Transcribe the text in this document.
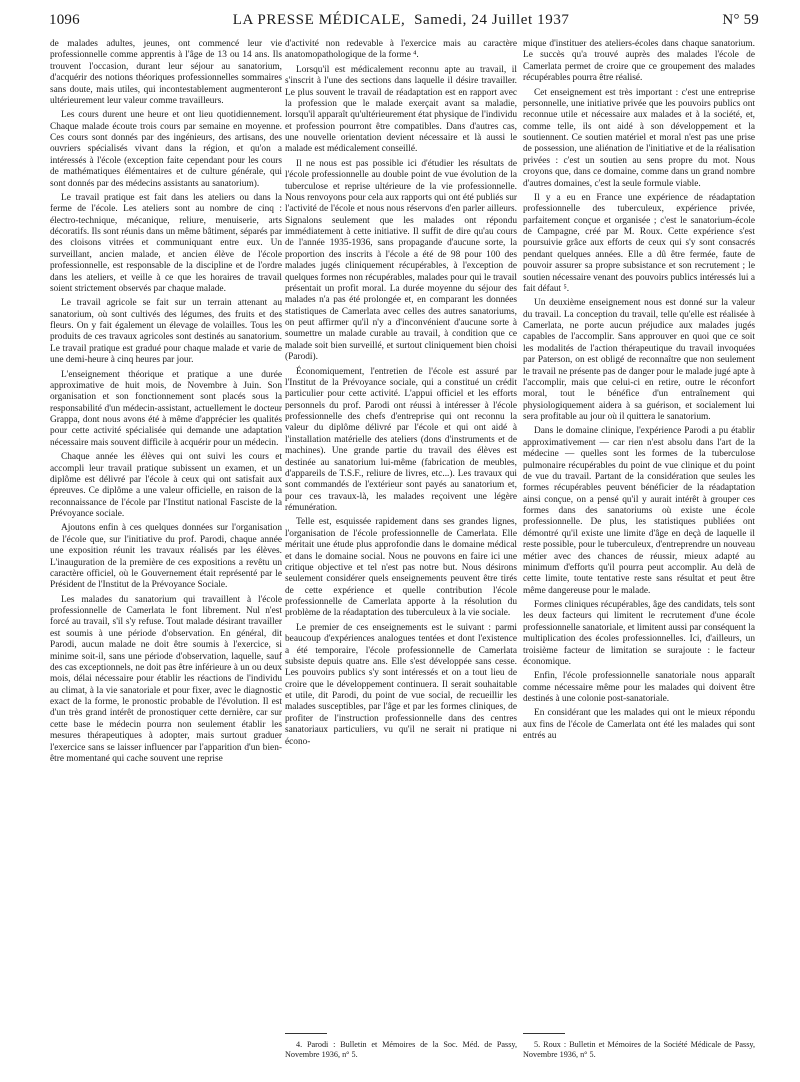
1096	LA PRESSE MÉDICALE, Samedi, 24 Juillet 1937	N° 59

de malades adultes, jeunes, ont commencé leur vie professionnelle comme apprentis à l'âge de 13 ou 14 ans. Ils trouvent l'occasion, durant leur séjour au sanatorium, d'acquérir des notions théoriques professionnelles sommaires sans doute, mais utiles, qui incontestablement augmenteront ultérieurement leur valeur comme travailleurs.

Les cours durent une heure et ont lieu quotidiennement. Chaque malade écoute trois cours par semaine en moyenne. Ces cours sont donnés par des ingénieurs, des artisans, des ouvriers spécialisés vivant dans la région, et qu'on a intéressés à l'école (exception faite cependant pour les cours de mathématiques élémentaires et de culture générale, qui sont donnés par des médecins assistants au sanatorium).

Le travail pratique est fait dans les ateliers ou dans la ferme de l'école. Les ateliers sont au nombre de cinq : électro-technique, mécanique, reliure, menuiserie, arts décoratifs. Ils sont réunis dans un même bâtiment, séparés par des cloisons vitrées et communiquant entre eux. Un surveillant, ancien malade, et ancien élève de l'école professionnelle, est responsable de la discipline et de l'ordre dans les ateliers, et veille à ce que les horaires de travail soient strictement observés par chaque malade.

Le travail agricole se fait sur un terrain attenant au sanatorium, où sont cultivés des légumes, des fruits et des fleurs. On y fait également un élevage de volailles. Tous les produits de ces travaux agricoles sont destinés au sanatorium. Le travail pratique est gradué pour chaque malade et varie de une demi-heure à cinq heures par jour.

L'enseignement théorique et pratique a une durée approximative de huit mois, de Novembre à Juin. Son organisation et son fonctionnement sont placés sous la responsabilité d'un médecin-assistant, actuellement le docteur Grappa, dont nous avons été à même d'apprécier les qualités pour cette activité spécialisée qui demande une adaptation nécessaire mais souvent difficile à acquérir pour un médecin.

Chaque année les élèves qui ont suivi les cours et accompli leur travail pratique subissent un examen, et un diplôme est délivré par l'école à ceux qui ont satisfait aux épreuves. Ce diplôme a une valeur officielle, en raison de la reconnaissance de l'école par l'Institut national Fasciste de la Prévoyance sociale.

Ajoutons enfin à ces quelques données sur l'organisation de l'école que, sur l'initiative du prof. Parodi, chaque année une exposition réunit les travaux réalisés par les élèves. L'inauguration de la première de ces expositions a revêtu un caractère officiel, où le Gouvernement était représenté par le Président de l'Institut de la Prévoyance Sociale.

Les malades du sanatorium qui travaillent à l'école professionnelle de Camerlata le font librement. Nul n'est forcé au travail, s'il s'y refuse. Tout malade désirant travailler est soumis à une période d'observation. En général, dit Parodi, aucun malade ne doit être soumis à l'exercice, si minime soit-il, sans une période d'observation, laquelle, sauf des cas exceptionnels, ne doit pas être inférieure à un ou deux mois, délai nécessaire pour établir les réactions de l'individu au climat, à la vie sanatoriale et pour fixer, avec le diagnostic exact de la forme, le pronostic probable de l'évolution. Il est d'un très grand intérêt de pronostiquer cette dernière, car sur cette base le médecin pourra non seulement établir les mesures thérapeutiques à adopter, mais surtout graduer l'exercice sans se laisser influencer par l'apparition d'un bien-être momentané qui cache souvent une reprise

d'activité non redevable à l'exercice mais au caractère anatomopathologique de la forme ⁴.

Lorsqu'il est médicalement reconnu apte au travail, il s'inscrit à l'une des sections dans laquelle il désire travailler. Le plus souvent le travail de réadaptation est en rapport avec la profession que le malade exerçait avant sa maladie, lorsqu'il apparaît qu'ultérieurement état physique de l'individu et profession pourront être compatibles. Dans d'autres cas, une nouvelle orientation devient nécessaire et là aussi le malade est médicalement conseillé.

Il ne nous est pas possible ici d'étudier les résultats de l'école professionnelle au double point de vue évolution de la tuberculose et reprise ultérieure de la vie professionnelle. Nous renvoyons pour cela aux rapports qui ont été publiés sur l'activité de l'école et nous nous réservons d'en parler ailleurs. Signalons seulement que les malades ont répondu immédiatement à cette initiative. Il suffit de dire qu'au cours de l'année 1935-1936, sans propagande d'aucune sorte, la proportion des inscrits à l'école a été de 98 pour 100 des malades jugés cliniquement récupérables, à l'exception de quelques formes non récupérables, malades pour qui le travail présentait un profit moral. La durée moyenne du séjour des malades n'a pas été prolongée et, en comparant les données statistiques de Camerlata avec celles des autres sanatoriums, on peut affirmer qu'il n'y a d'inconvénient d'aucune sorte à soumettre un malade curable au travail, à condition que ce malade soit bien surveillé, et surtout cliniquement bien choisi (Parodi).

Économiquement, l'entretien de l'école est assuré par l'Institut de la Prévoyance sociale, qui a constitué un crédit particulier pour cette activité. L'appui officiel et les efforts personnels du prof. Parodi ont réussi à intéresser à l'école professionnelle des chefs d'entreprise qui ont reconnu la valeur du diplôme délivré par l'école et qui ont aidé à l'installation matérielle des ateliers (dons d'instruments et de machines). Une grande partie du travail des élèves est destinée au sanatorium lui-même (fabrication de meubles, d'appareils de T.S.F., reliure de livres, etc...). Les travaux qui sont commandés de l'extérieur sont payés au sanatorium et, pour ces travaux-là, les malades reçoivent une légère rémunération.

Telle est, esquissée rapidement dans ses grandes lignes, l'organisation de l'école professionnelle de Camerlata. Elle méritait une étude plus approfondie dans le domaine médical et dans le domaine social. Nous ne pouvons en faire ici une critique objective et tel n'est pas notre but. Nous désirons seulement considérer quels enseignements peuvent être tirés de cette expérience et quelle contribution l'école professionnelle de Camerlata apporte à la résolution du problème de la réadaptation des tuberculeux à la vie sociale.

Le premier de ces enseignements est le suivant : parmi beaucoup d'expériences analogues tentées et dont l'existence a été temporaire, l'école professionnelle de Camerlata subsiste depuis quatre ans. Elle s'est développée sans cesse. Les pouvoirs publics s'y sont intéressés et on a tout lieu de croire que le développement continuera. Il serait souhaitable et utile, dit Parodi, du point de vue social, de recueillir les malades susceptibles, par l'âge et par les formes cliniques, de profiter de l'instruction professionnelle dans des centres sanatoriaux particuliers, vu qu'il ne serait ni pratique ni écono-

mique d'instituer des ateliers-écoles dans chaque sanatorium. Le succès qu'a trouvé auprès des malades l'école de Camerlata permet de croire que ce groupement des malades récupérables pourra être réalisé.

Cet enseignement est très important : c'est une entreprise personnelle, une initiative privée que les pouvoirs publics ont reconnue utile et nécessaire aux malades et à la société, et, comme telle, ils ont aidé à son développement et la soutiennent. Ce soutien matériel et moral n'est pas une prise de possession, une aliénation de l'initiative et de la réalisation privées : c'est un soutien au sens propre du mot. Nous croyons que, dans ce domaine, comme dans un grand nombre d'autres domaines, c'est la seule formule viable.

Il y a eu en France une expérience de réadaptation professionnelle des tuberculeux, expérience privée, parfaitement conçue et organisée ; c'est le sanatorium-école de Campagne, créé par M. Roux. Cette expérience s'est poursuivie grâce aux efforts de ceux qui s'y sont consacrés pendant quelques années. Elle a dû être fermée, faute de pouvoir assurer sa propre subsistance et son recrutement ; le soutien nécessaire venant des pouvoirs publics intéressés lui a fait défaut ⁵.

Un deuxième enseignement nous est donné sur la valeur du travail. La conception du travail, telle qu'elle est réalisée à Camerlata, ne porte aucun préjudice aux malades jugés capables de l'accomplir. Sans approuver en quoi que ce soit les modalités de l'action thérapeutique du travail invoquées par Paterson, on est obligé de reconnaître que non seulement le travail ne présente pas de danger pour le malade jugé apte à l'accomplir, mais que celui-ci en retire, outre le réconfort moral, tout le bénéfice d'un entraînement qui physiologiquement aidera à sa guérison, et socialement lui sera profitable au jour où il quittera le sanatorium.

Dans le domaine clinique, l'expérience Parodi a pu établir approximativement — car rien n'est absolu dans l'art de la médecine — quelles sont les formes de la tuberculose pulmonaire récupérables du point de vue clinique et du point de vue du travail. Partant de la considération que seules les formes récupérables peuvent bénéficier de la réadaptation ainsi conçue, on a pensé qu'il y aurait intérêt à grouper ces formes dans des sanatoriums où existe une école professionnelle. De plus, les statistiques publiées ont démontré qu'il existe une limite d'âge en deçà de laquelle il reste possible, pour le tuberculeux, d'entreprendre un nouveau métier avec des chances de réussir, mieux adapté au minimum d'efforts qu'il pourra peut accomplir. Au delà de cette limite, toute tentative reste sans résultat et peut être même dangereuse pour le malade.

Formes cliniques récupérables, âge des candidats, tels sont les deux facteurs qui limitent le recrutement d'une école professionnelle sanatoriale, et limitent aussi par conséquent la multiplication des écoles professionnelles. Ici, d'ailleurs, un troisième facteur de limitation se surajoute : le facteur économique.

Enfin, l'école professionnelle sanatoriale nous apparaît comme nécessaire même pour les malades qui doivent être destinés à une colonie post-sanatoriale.

En considérant que les malades qui ont le mieux répondu aux fins de l'école de Camerlata ont été les malades qui sont entrés au

4. Parodi : Bulletin et Mémoires de la Soc. Méd. de Passy, Novembre 1936, n° 5.

5. Roux : Bulletin et Mémoires de la Société Médicale de Passy, Novembre 1936, n° 5.
